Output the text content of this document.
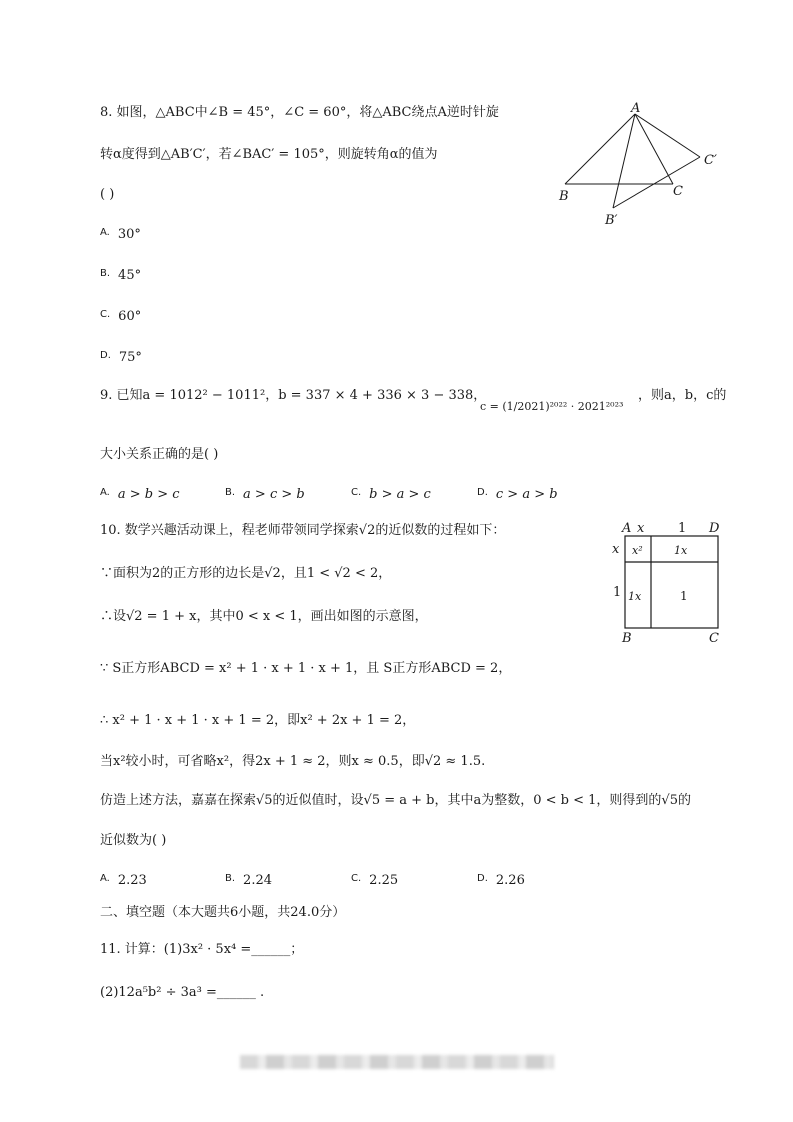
8. 如图，△ABC中∠B = 45°，∠C = 60°，将△ABC绕点A逆时针旋
转α度得到△AB′C′，若∠BAC′ = 105°，则旋转角α的值为
( )
$^{A.}$ 30°
$^{B.}$ 45°
$^{C.}$ 60°
$^{D.}$ 75°
A
B	C
B′
C′
9. 已知a = 1012² − 1011²，b = 337 × 4 + 336 × 3 − 338，
c = (1/2021)²⁰²² · 2021²⁰²³
，则a，b，c的
大小关系正确的是( )
$^{A.}$ a > b > c	$^{B.}$ a > c > b	$^{C.}$ b > a > c	$^{D.}$ c > a > b
10. 数学兴趣活动课上，程老师带领同学探索√2的近似数的过程如下：
∵面积为2的正方形的边长是√2，且1 < √2 < 2，
∴设√2 = 1 + x，其中0 < x < 1，画出如图的示意图，
∵ S正方形ABCD = x² + 1 · x + 1 · x + 1，且 S正方形ABCD = 2，
∴ x² + 1 · x + 1 · x + 1 = 2，即x² + 2x + 1 = 2，
当x²较小时，可省略x²，得2x + 1 ≈ 2，则x ≈ 0.5，即√2 ≈ 1.5.
仿造上述方法，嘉嘉在探索√5的近似值时，设√5 = a + b，其中a为整数，0 < b < 1，则得到的√5的
近似数为( )
$^{A.}$ 2.23	$^{B.}$ 2.24	$^{C.}$ 2.25	$^{D.}$ 2.26
A x	1 D
x
1
x²	1x
1x	1
B	C
二、填空题（本大题共6小题，共24.0分）
11. 计算：(1)3x² · 5x⁴ =______；
(2)12a⁵b² ÷ 3a³ =______ .
